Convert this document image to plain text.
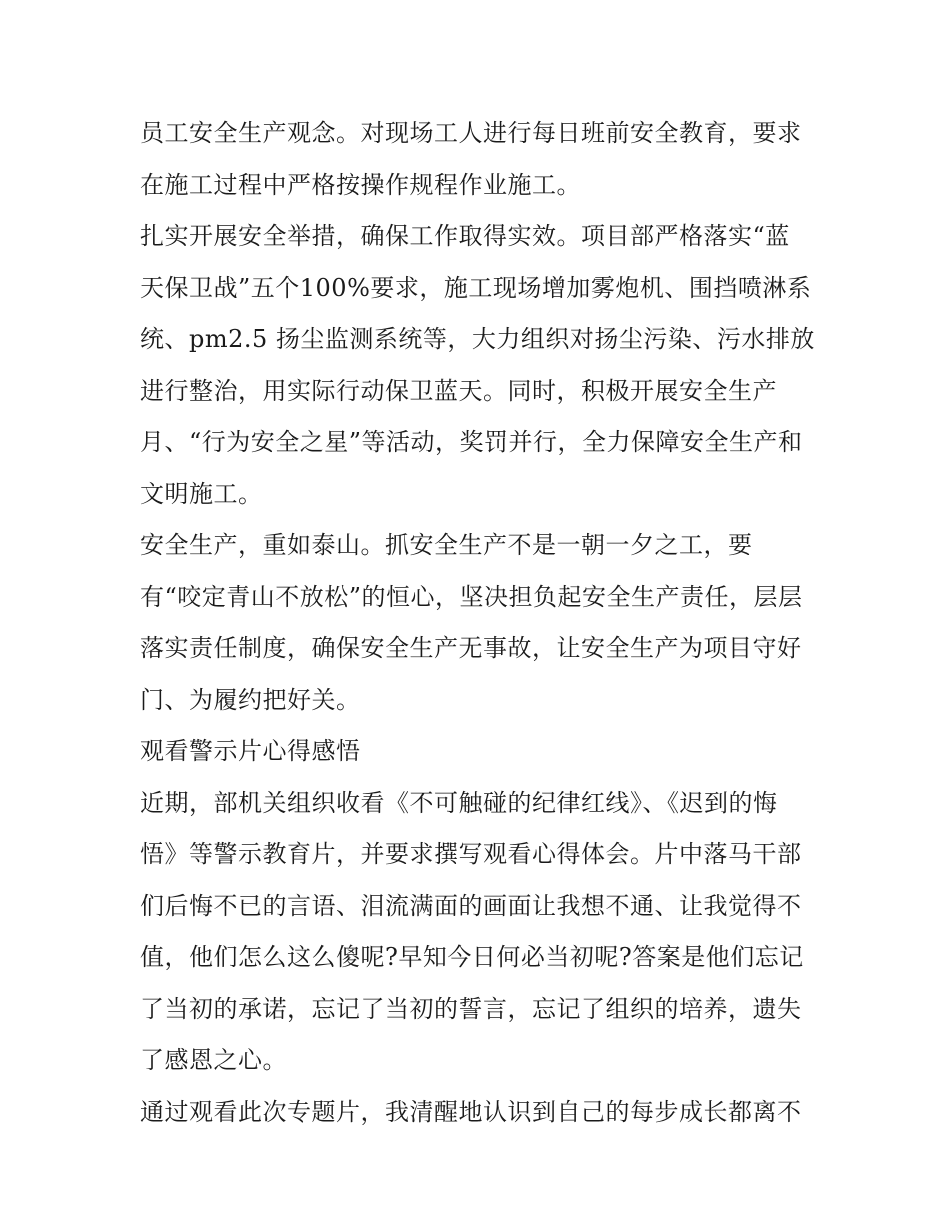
员工安全生产观念。对现场工人进行每日班前安全教育，要求
在施工过程中严格按操作规程作业施工。
扎实开展安全举措，确保工作取得实效。项目部严格落实“蓝
天保卫战”五个100%要求，施工现场增加雾炮机、围挡喷淋系
统、pm2.5 扬尘监测系统等，大力组织对扬尘污染、污水排放
进行整治，用实际行动保卫蓝天。同时，积极开展安全生产
月、“行为安全之星”等活动，奖罚并行，全力保障安全生产和
文明施工。
安全生产，重如泰山。抓安全生产不是一朝一夕之工，要
有“咬定青山不放松”的恒心，坚决担负起安全生产责任，层层
落实责任制度，确保安全生产无事故，让安全生产为项目守好
门、为履约把好关。
观看警示片心得感悟
近期，部机关组织收看《不可触碰的纪律红线》、《迟到的悔
悟》等警示教育片，并要求撰写观看心得体会。片中落马干部
们后悔不已的言语、泪流满面的画面让我想不通、让我觉得不
值，他们怎么这么傻呢?早知今日何必当初呢?答案是他们忘记
了当初的承诺，忘记了当初的誓言，忘记了组织的培养，遗失
了感恩之心。
通过观看此次专题片，我清醒地认识到自己的每步成长都离不
